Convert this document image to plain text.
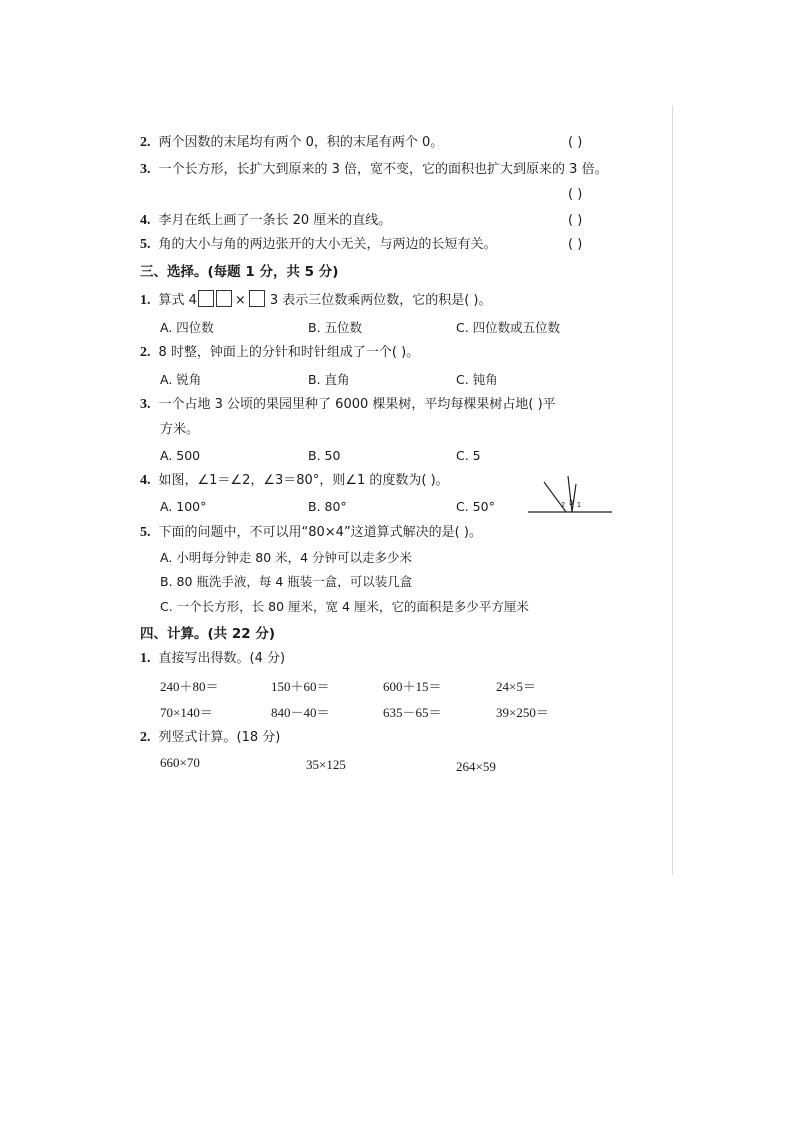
2. 两个因数的末尾均有两个 0，积的末尾有两个 0。	( )
3. 一个长方形，长扩大到原来的 3 倍，宽不变，它的面积也扩大到原来的 3 倍。
( )
4. 李月在纸上画了一条长 20 厘米的直线。	( )
5. 角的大小与角的两边张开的大小无关，与两边的长短有关。	( )
三、选择。(每题 1 分，共 5 分)
1. 算式 4	× 3 表示三位数乘两位数，它的积是( )。
A. 四位数	B. 五位数	C. 四位数或五位数
2. 8 时整，钟面上的分针和时针组成了一个( )。
A. 锐角	B. 直角	C. 钝角
3. 一个占地 3 公顷的果园里种了 6000 棵果树，平均每棵果树占地( )平
方米。
A. 500	B. 50	C. 5
4. 如图，∠1＝∠2，∠3＝80°，则∠1 的度数为( )。
A. 100°	B. 80°	C. 50°	2 3 1
5. 下面的问题中，不可以用“80×4”这道算式解决的是( )。
A. 小明每分钟走 80 米，4 分钟可以走多少米
B. 80 瓶洗手液，每 4 瓶装一盒，可以装几盒
C. 一个长方形，长 80 厘米，宽 4 厘米，它的面积是多少平方厘米
四、计算。(共 22 分)
1. 直接写出得数。(4 分)
240＋80＝	150＋60＝	600＋15＝	24×5＝
70×140＝	840－40＝	635－65＝	39×250＝
2. 列竖式计算。(18 分)
660×70	35×125	264×59
